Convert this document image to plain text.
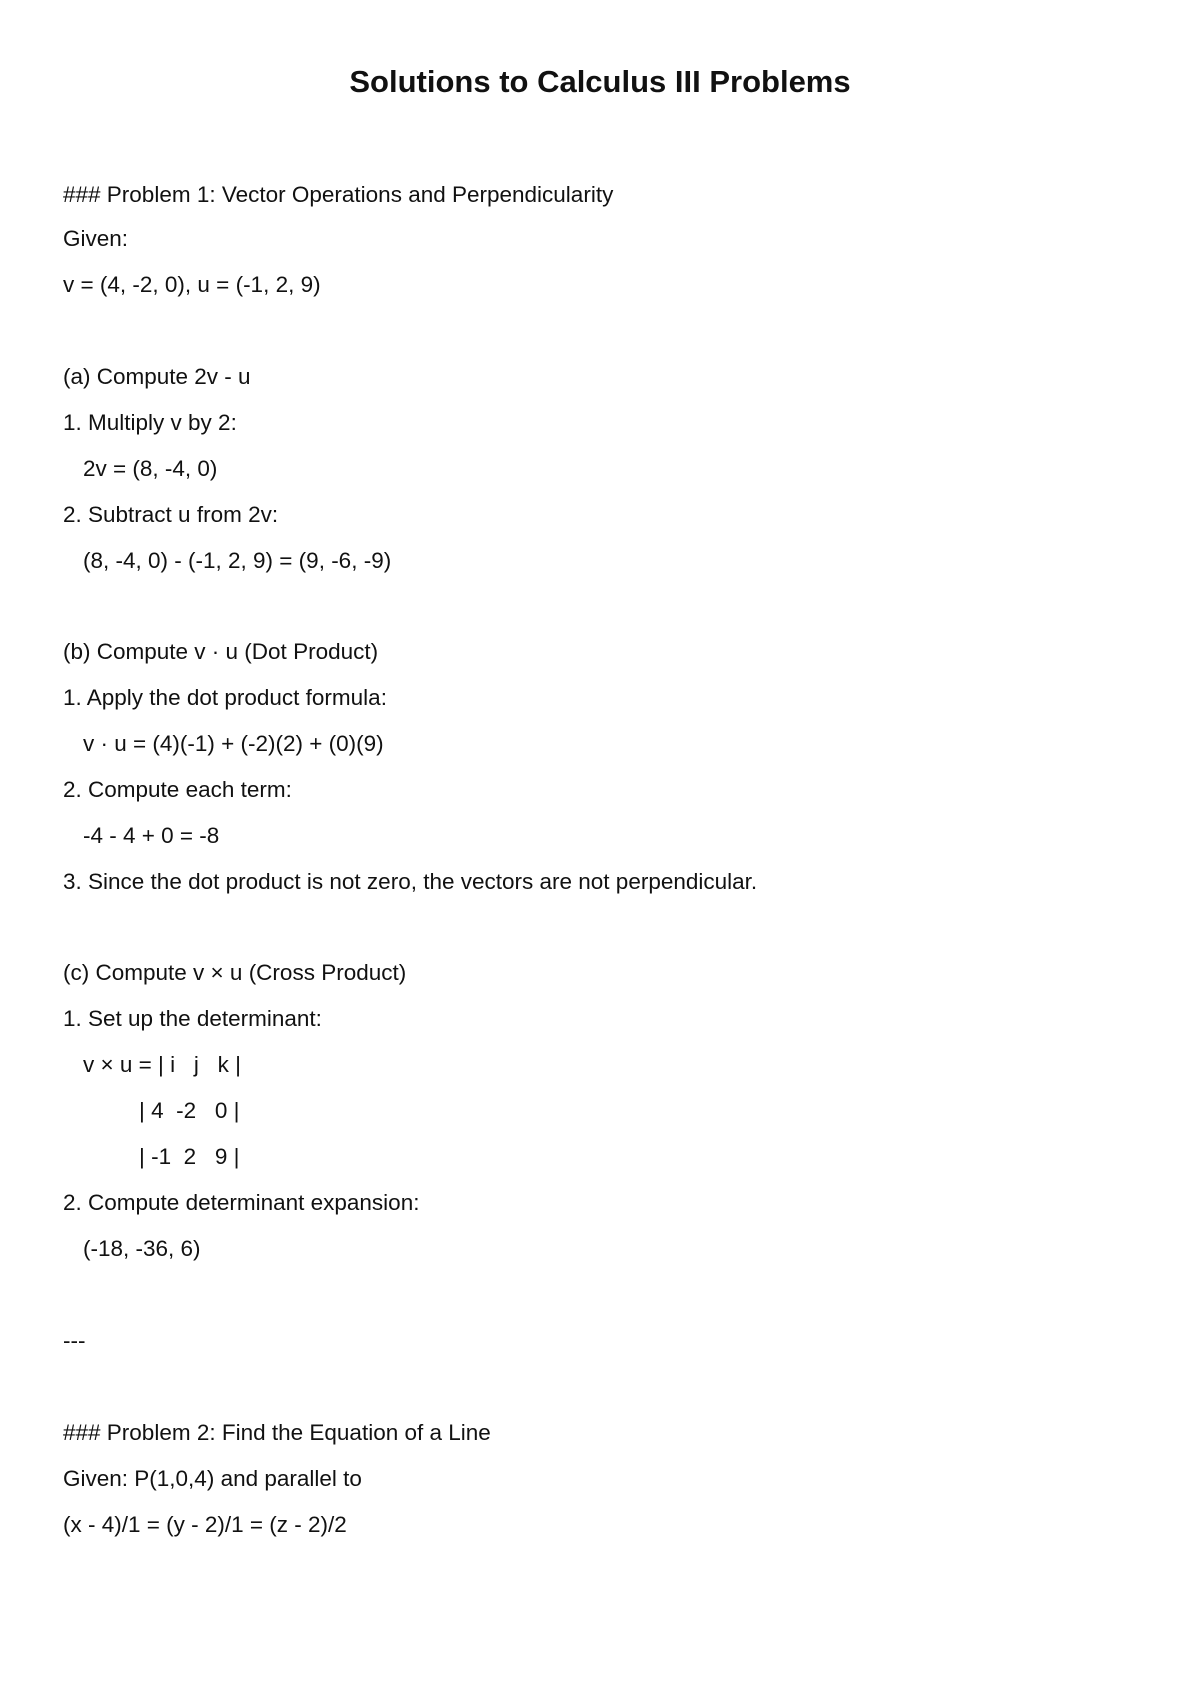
Solutions to Calculus III Problems
### Problem 1: Vector Operations and Perpendicularity
Given:
v = (4, -2, 0), u = (-1, 2, 9)
(a) Compute 2v - u
1. Multiply v by 2:
2v = (8, -4, 0)
2. Subtract u from 2v:
(8, -4, 0) - (-1, 2, 9) = (9, -6, -9)
(b) Compute v · u (Dot Product)
1. Apply the dot product formula:
v · u = (4)(-1) + (-2)(2) + (0)(9)
2. Compute each term:
-4 - 4 + 0 = -8
3. Since the dot product is not zero, the vectors are not perpendicular.
(c) Compute v × u (Cross Product)
1. Set up the determinant:
v × u = | i   j   k |
| 4  -2   0 |
| -1  2   9 |
2. Compute determinant expansion:
(-18, -36, 6)
---
### Problem 2: Find the Equation of a Line
Given: P(1,0,4) and parallel to
(x - 4)/1 = (y - 2)/1 = (z - 2)/2
